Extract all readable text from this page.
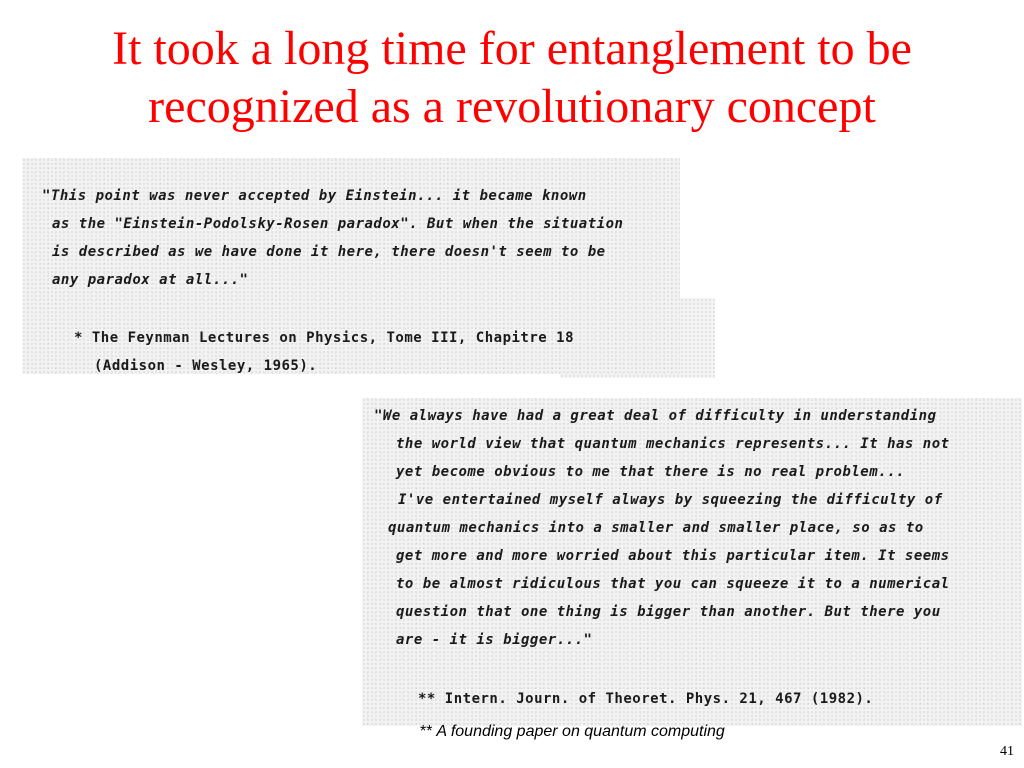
It took a long time for entanglement to be
recognized as a revolutionary concept
"This point was never accepted by Einstein... it became known
as the "Einstein-Podolsky-Rosen paradox". But when the situation
is described as we have done it here, there doesn't seem to be
any paradox at all..."
* The Feynman Lectures on Physics, Tome III, Chapitre 18
(Addison - Wesley, 1965).
"We always have had a great deal of difficulty in understanding
the world view that quantum mechanics represents... It has not
yet become obvious to me that there is no real problem...
I've entertained myself always by squeezing the difficulty of
quantum mechanics into a smaller and smaller place, so as to
get more and more worried about this particular item. It seems
to be almost ridiculous that you can squeeze it to a numerical
question that one thing is bigger than another. But there you
are - it is bigger..."
** Intern. Journ. of Theoret. Phys. 21, 467 (1982).
** A founding paper on quantum computing
41
